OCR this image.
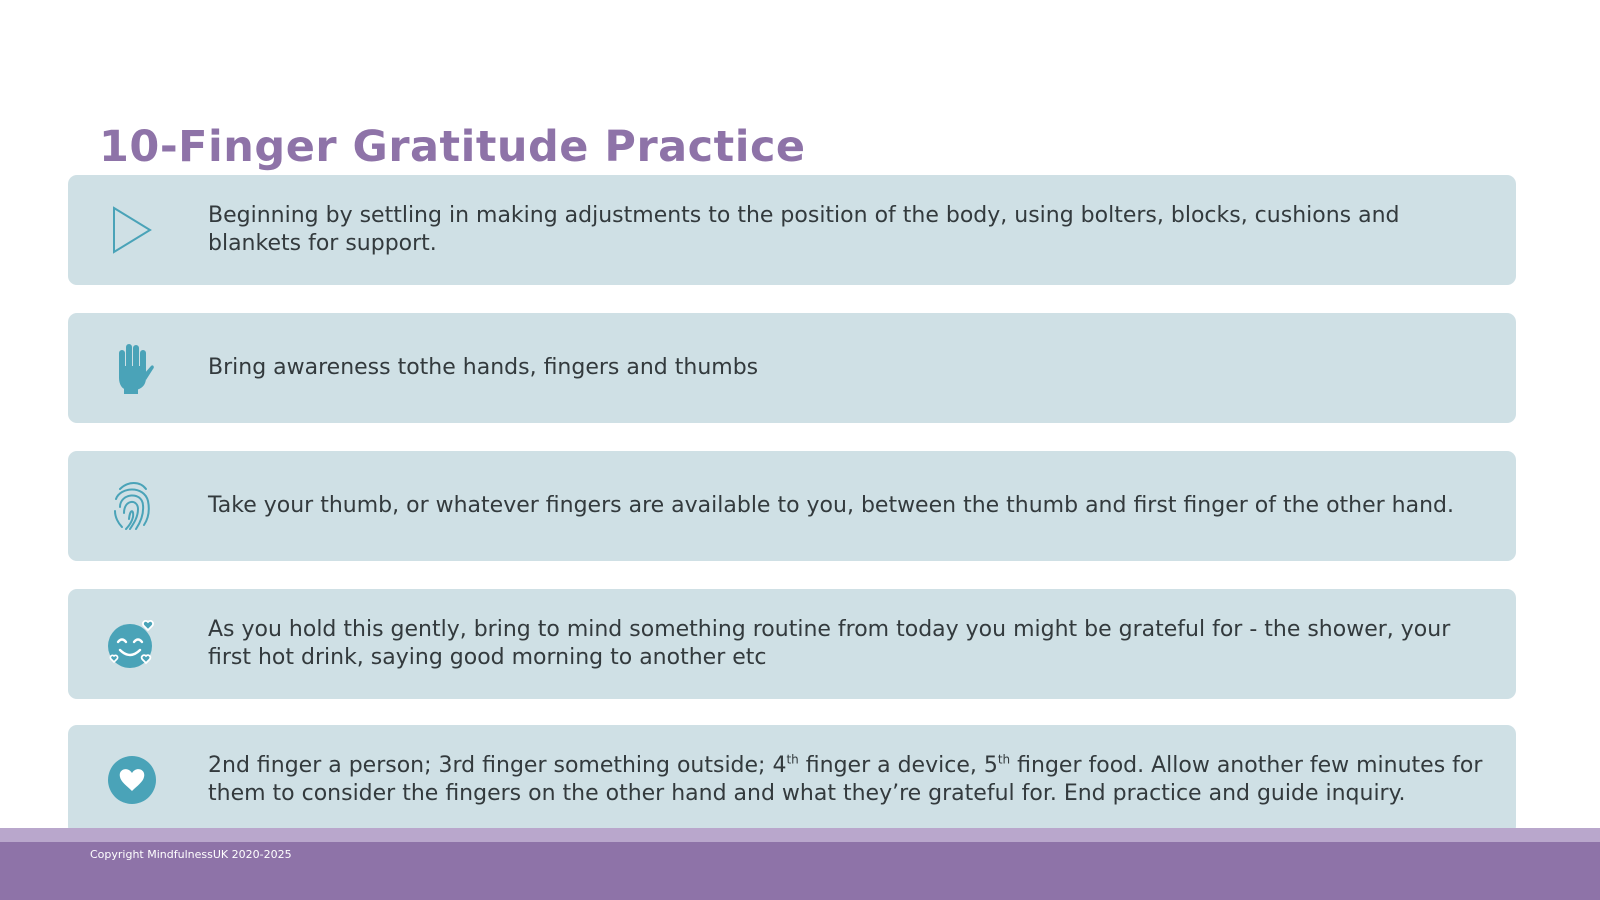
10-Finger Gratitude Practice
Beginning by settling in making adjustments to the position of the body, using bolters, blocks, cushions and blankets for support.
Bring awareness tothe hands, fingers and thumbs
Take your thumb, or whatever fingers are available to you, between the thumb and first finger of the other hand.
As you hold this gently, bring to mind something routine from today you might be grateful for - the shower, your first hot drink, saying good morning to another etc
2nd finger a person; 3rd finger something outside; 4th finger a device, 5th finger food. Allow another few minutes for them to consider the fingers on the other hand and what they’re grateful for. End practice and guide inquiry.
Copyright MindfulnessUK 2020-2025
